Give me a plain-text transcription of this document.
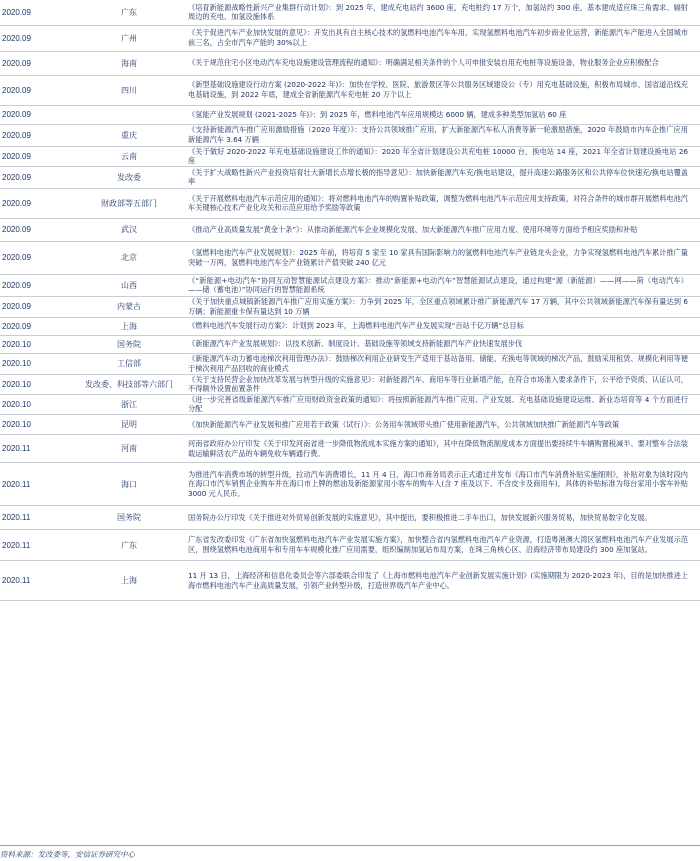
2020.09	广东	《培育新能源战略性新兴产业集群行动计划》：到 2025 年，建成充电站约 3600 座，充电桩约 17 万个，加氢站约 300 座，基本建成适应珠三角需求、辐射周边的充电、加氢设施体系
2020.09	广州	《关于促进汽车产业加快发展的意见》：开发出具有自主核心技术的氢燃料电池汽车车用，实现氢燃料电池汽车初步商业化运营，新能源汽车产能进入全国城市前三名，占全市汽车产能的 30%以上
2020.09	海南	《关于规范住宅小区电动汽车充电设施建设管理流程的通知》：明确满足相关条件的个人可申报安装自用充电桩等设施设备，物业服务企业应积极配合
2020.09	四川	《新型基础设施建设行动方案 (2020-2022 年)》：加快在学校、医院、旅游景区等公共服务区域建设公（专）用充电基础设施，积极布局城市、国省道沿线充电基础设施，到 2022 年底，建成全省新能源汽车充电桩 20 万个以上
2020.09		《氢能产业发展规划 (2021-2025 年)》：到 2025 年，燃料电池汽车应用规模达 6000 辆，建成多种类型加氢站 60 座
2020.09	重庆	《支持新能源汽车推广应用激励措施（2020 年度）》：支持公共领域推广应用，扩大新能源汽车私人消费等新一轮激励措施，2020 年鼓励市内车企推广应用新能源汽车 3.64 万辆
2020.09	云南	《关于做好 2020-2022 年充电基础设施建设工作的通知》：2020 年全省计划建设公共充电桩 10000 台，换电站 14 座，2021 年全省计划建设换电站 26 座
2020.09	发改委	《关于扩大战略性新兴产业投资培育壮大新增长点增长极的指导意见》：加快新能源汽车充/换电站建设，提升高速公路服务区和公共停车位快速充/换电站覆盖率
2020.09	财政部等五部门	《关于开展燃料电池汽车示范应用的通知》：将对燃料电池汽车的购置补贴政策，调整为燃料电池汽车示范应用支持政策，对符合条件的城市群开展燃料电池汽车关键核心技术产业化攻关和示范应用给予奖励等政策
2020.09	武汉	《推动产业高质量发展“黄金十条”》：从推动新能源汽车企业规模化发展、加大新能源汽车推广应用力度、使用环境等方面给予相应奖励和补贴
2020.09	北京	《氢燃料电池汽车产业发展规划》：2025 年前，将培育 5 家至 10 家具有国际影响力的氢燃料电池汽车产业链龙头企业，力争实现氢燃料电池汽车累计推广量突破一万两，氢燃料电池汽车全产业链累计产值突破 240 亿元
2020.09	山西	《“新能源+电动汽车”协同互动智慧能源试点建设方案》：推动“新能源+电动汽车”智慧能源试点建设，通过构建“源（新能源）——网——荷（电动汽车）——储（蓄电池）”协同运行的智慧能源系统
2020.09	内蒙古	《关于加快重点城镇新能源汽车推广应用实施方案》：力争到 2025 年，全区重点领域累计推广新能源汽车 17 万辆，其中公共领域新能源汽车保有量达到 6 万辆；新能源重卡保有量达到 10 万辆
2020.09	上海	《燃料电池汽车发展行动方案》：计划到 2023 年，上海燃料电池汽车产业发展实现“百站千亿万辆”总目标
2020.10	国务院	《新能源汽车产业发展规划》：以技术创新、制度设计、基础设施等领域支持新能源汽车产业快速发展步伐
2020.10	工信部	《新能源汽车动力蓄电池梯次利用管理办法》：鼓励梯次利用企业研发生产适用于基站备用、储能、充换电等领域的梯次产品，鼓励采用租赁、规模化利用等便于梯次利用产品回收的商业模式
2020.10	发改委、科技部等六部门	《关于支持民营企业加快改革发展与转型升级的实施意见》：对新能源汽车、商用车等行业新增产能，在符合市场准入要求条件下，公平给予资质、认证认可，不得额外设置前置条件
2020.10	浙江	《进一步完善省级新能源汽车推广应用财政资金政策的通知》：将按照新能源汽车推广应用、产业发展、充电基础设施建设运维、新业态培育等 4 个方面进行分配
2020.10	昆明	《加快新能源汽车产业发展和推广应用若干政策（试行）》：公务用车领域带头推广使用新能源汽车，公共领域加快推广新能源汽车等政策
2020.11	河南	河南省政府办公厅印发《关于印发河南省进一步降低物流成本实施方案的通知》，其中在降低物流制度成本方面提出要持续牛车辆购置税减半、要对整车合法装载运输鲜活农产品的车辆免收车辆通行费。
2020.11	海口	为推进汽车消费市场的转型升级，拉动汽车消费增长，11 月 4 日，海口市商务局表示正式通过并发布《海口市汽车消费补贴实施细则》，补贴对象为该时段内在海口市汽车销售企业购车并在海口市上牌的燃油及新能源家用小客车的购车人(含 7 座及以下、不含皮卡及商用车)，具体的补贴标准为每台家用小客车补贴 3000 元人民币。
2020.11	国务院	国务院办公厅印发《关于推进对外贸易创新发展的实施意见》，其中提出，要积极推进二手车出口，加快发展新兴服务贸易，加快贸易数字化发展。
2020.11	广东	广东省发改委印发《广东省加快氢燃料电池汽车产业发展实施方案》，加快整合省内氢燃料电池汽车产业资源，打造粤港澳大湾区氢燃料电池汽车产业发展示范区，围绕氢燃料电池商用车和专用车车规模化推广应用需要，组织编制加氢站布局方案，在珠三角核心区、沿海经济带布局建设约 300 座加氢站。
2020.11	上海	11 月 13 日，上海经济和信息化委员会等六部委联合印发了《上海市燃料电池汽车产业创新发展实施计划》(实施期限为 2020-2023 年)，目的是加快推进上海市燃料电池汽车产业高质量发展，引领产业转型升级，打造世界级汽车产业中心。
资料来源：发改委等，安信证券研究中心
